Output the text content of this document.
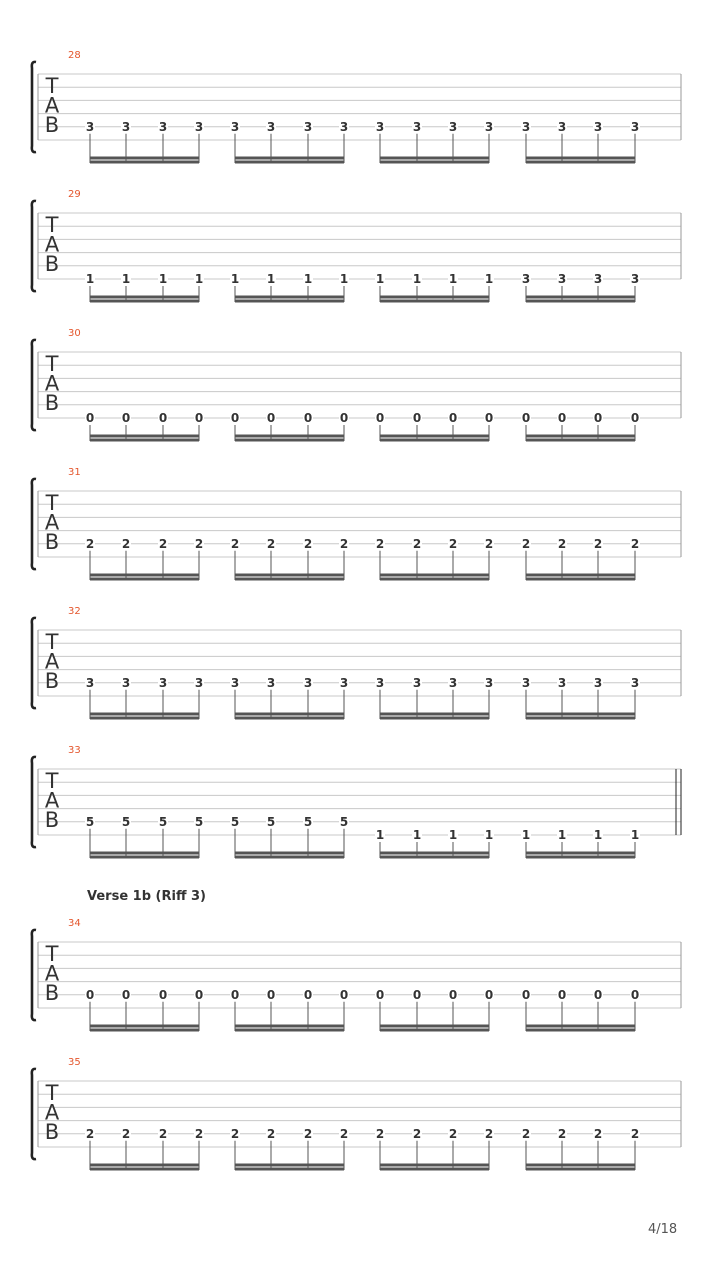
28
T
A
B 3 3 3 3 3 3 3 3 3 3 3 3 3 3 3 3
29
T
A
B
1 1 1 1 1 1 1 1 1 1 1 1 3 3 3 3
30
T
A
B
0 0 0 0 0 0 0 0 0 0 0 0 0 0 0 0
31
T
A
B 2 2 2 2 2 2 2 2 2 2 2 2 2 2 2 2
32
T
A
B 3 3 3 3 3 3 3 3 3 3 3 3 3 3 3 3
33
T
A
B 5 5 5 5 5 5 5 5
1 1 1 1 1 1 1 1
34
T
A
B 0 0 0 0 0 0 0 0 0 0 0 0 0 0 0 0
35
T
A
B 2 2 2 2 2 2 2 2 2 2 2 2 2 2 2 2
Verse 1b (Riff 3)
4/18
